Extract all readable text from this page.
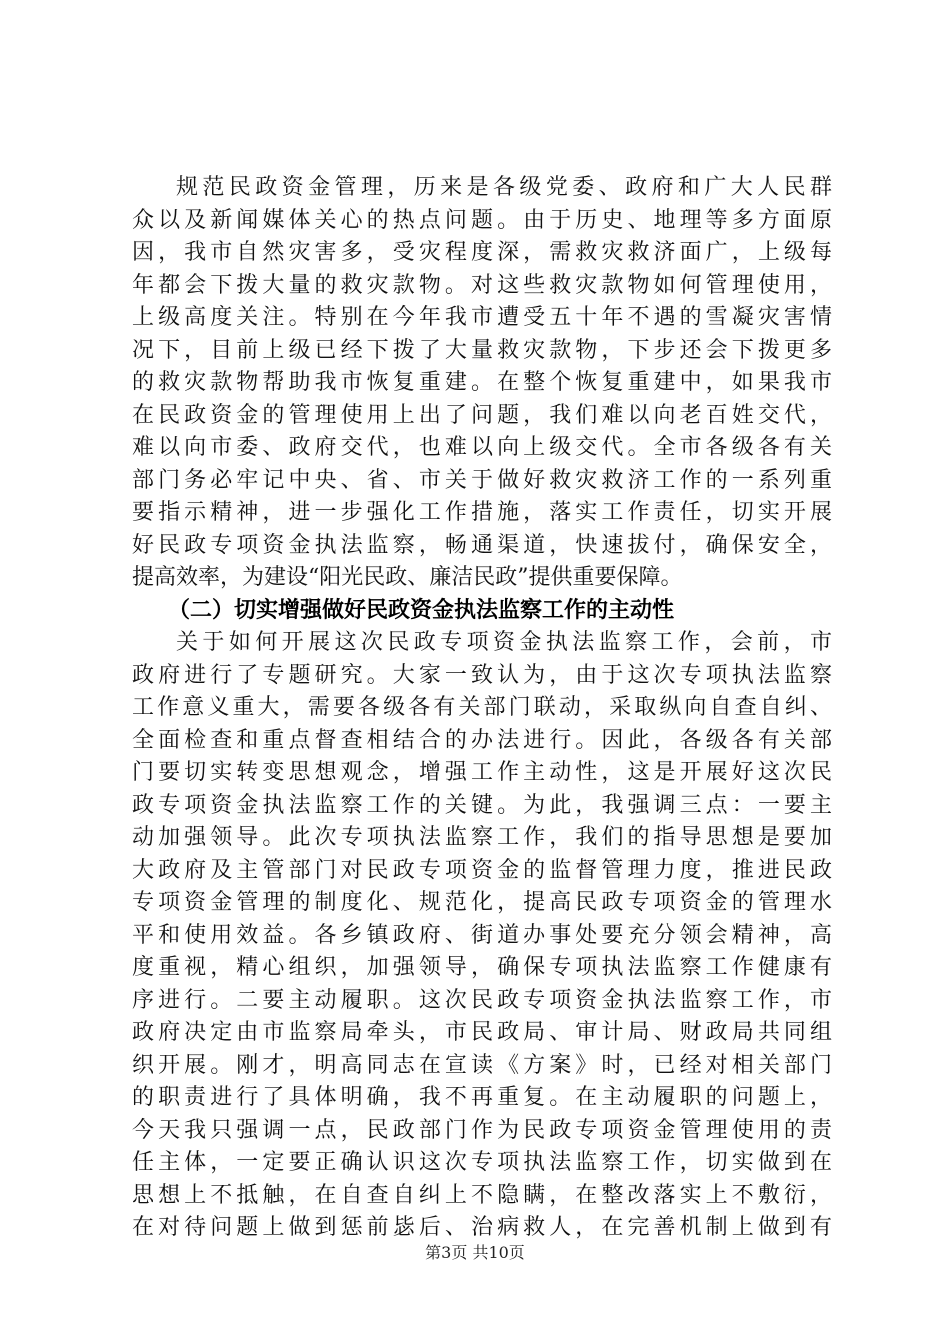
规范民政资金管理，历来是各级党委、政府和广大人民群
众以及新闻媒体关心的热点问题。由于历史、地理等多方面原
因，我市自然灾害多，受灾程度深，需救灾救济面广，上级每
年都会下拨大量的救灾款物。对这些救灾款物如何管理使用，
上级高度关注。特别在今年我市遭受五十年不遇的雪凝灾害情
况下，目前上级已经下拨了大量救灾款物，下步还会下拨更多
的救灾款物帮助我市恢复重建。在整个恢复重建中，如果我市
在民政资金的管理使用上出了问题，我们难以向老百姓交代，
难以向市委、政府交代，也难以向上级交代。全市各级各有关
部门务必牢记中央、省、市关于做好救灾救济工作的一系列重
要指示精神，进一步强化工作措施，落实工作责任，切实开展
好民政专项资金执法监察，畅通渠道，快速拔付，确保安全，
提高效率，为建设“阳光民政、廉洁民政”提供重要保障。
（二）切实增强做好民政资金执法监察工作的主动性
关于如何开展这次民政专项资金执法监察工作，会前，市
政府进行了专题研究。大家一致认为，由于这次专项执法监察
工作意义重大，需要各级各有关部门联动，采取纵向自查自纠、
全面检查和重点督查相结合的办法进行。因此，各级各有关部
门要切实转变思想观念，增强工作主动性，这是开展好这次民
政专项资金执法监察工作的关键。为此，我强调三点：一要主
动加强领导。此次专项执法监察工作，我们的指导思想是要加
大政府及主管部门对民政专项资金的监督管理力度，推进民政
专项资金管理的制度化、规范化，提高民政专项资金的管理水
平和使用效益。各乡镇政府、街道办事处要充分领会精神，高
度重视，精心组织，加强领导，确保专项执法监察工作健康有
序进行。二要主动履职。这次民政专项资金执法监察工作，市
政府决定由市监察局牵头，市民政局、审计局、财政局共同组
织开展。刚才，明高同志在宣读《方案》时，已经对相关部门
的职责进行了具体明确，我不再重复。在主动履职的问题上，
今天我只强调一点，民政部门作为民政专项资金管理使用的责
任主体，一定要正确认识这次专项执法监察工作，切实做到在
思想上不抵触，在自查自纠上不隐瞒，在整改落实上不敷衍，
在对待问题上做到惩前毖后、治病救人，在完善机制上做到有
第3页 共10页
